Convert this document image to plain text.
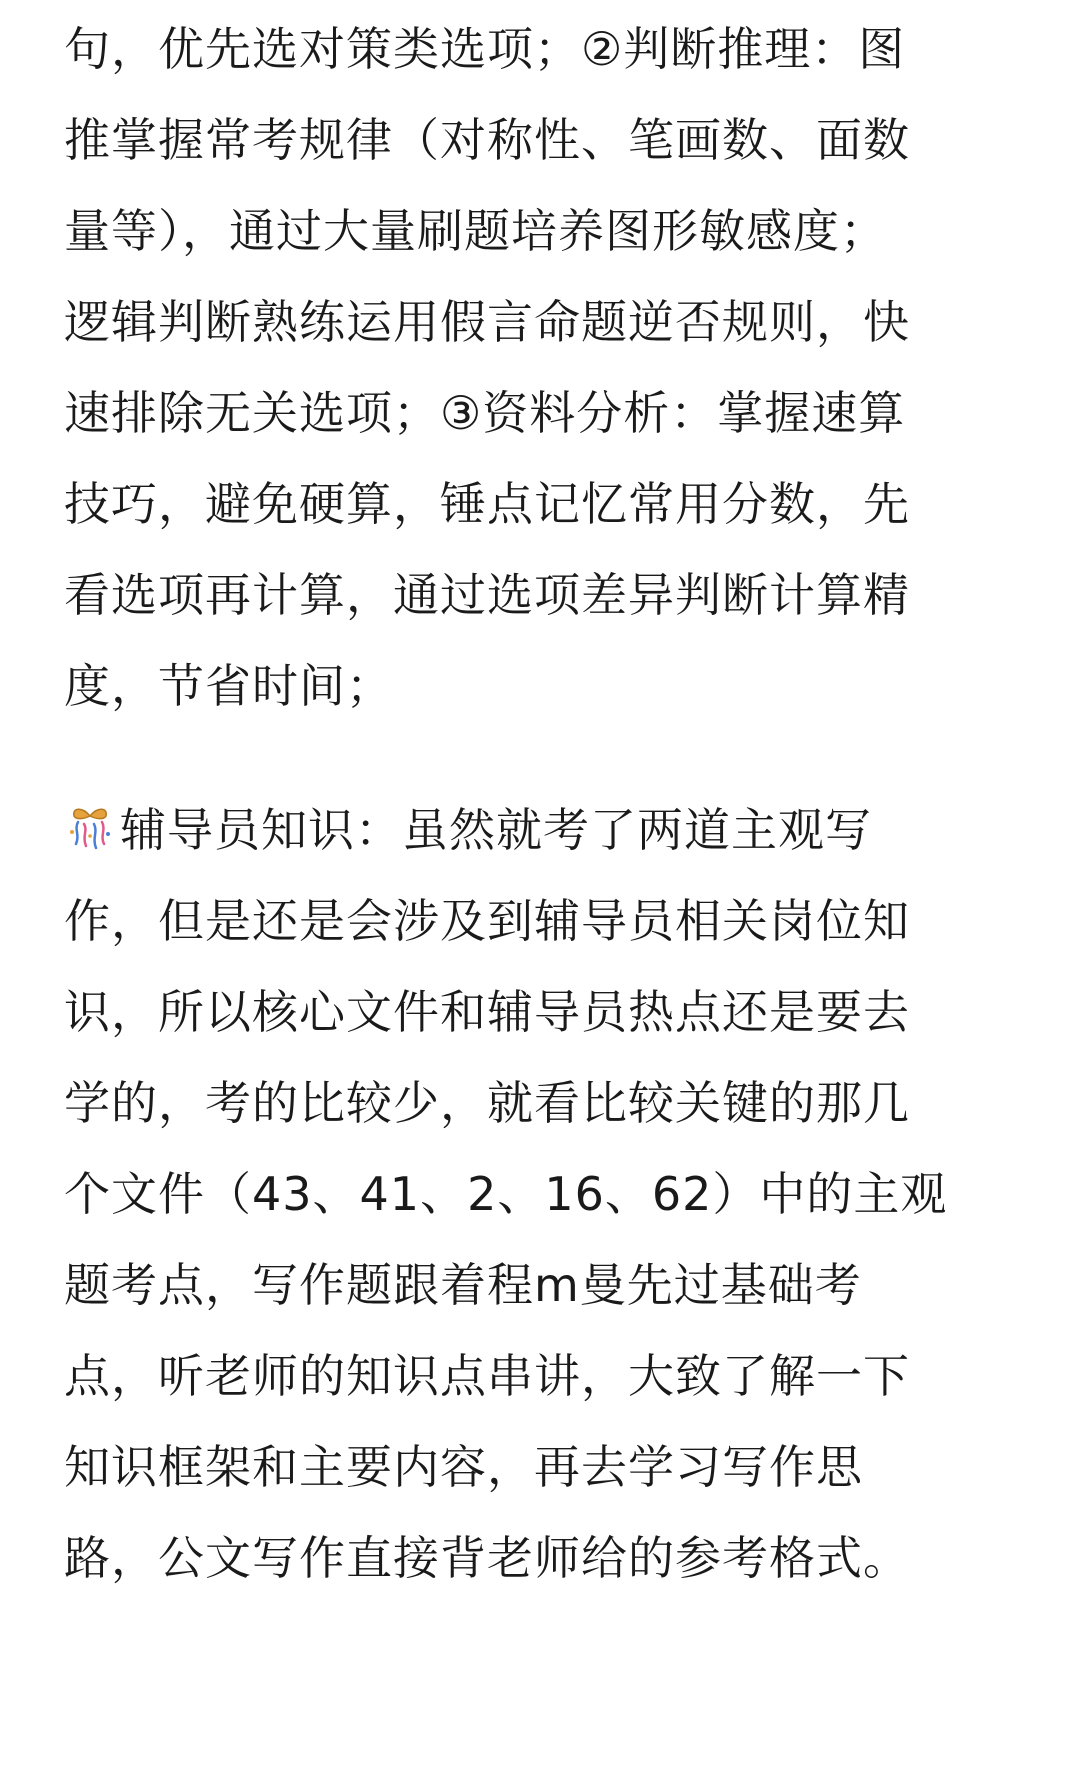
句，优先选对策类选项；②判断推理：图
推掌握常考规律（对称性、笔画数、面数
量等），通过大量刷题培养图形敏感度；
逻辑判断熟练运用假言命题逆否规则，快
速排除无关选项；③资料分析：掌握速算
技巧，避免硬算，锤点记忆常用分数，先
看选项再计算，通过选项差异判断计算精
度，节省时间；
辅导员知识：虽然就考了两道主观写
作，但是还是会涉及到辅导员相关岗位知
识，所以核心文件和辅导员热点还是要去
学的，考的比较少，就看比较关键的那几
个文件（43、41、2、16、62）中的主观
题考点，写作题跟着程m曼先过基础考
点，听老师的知识点串讲，大致了解一下
知识框架和主要内容，再去学习写作思
路，公文写作直接背老师给的参考格式。
